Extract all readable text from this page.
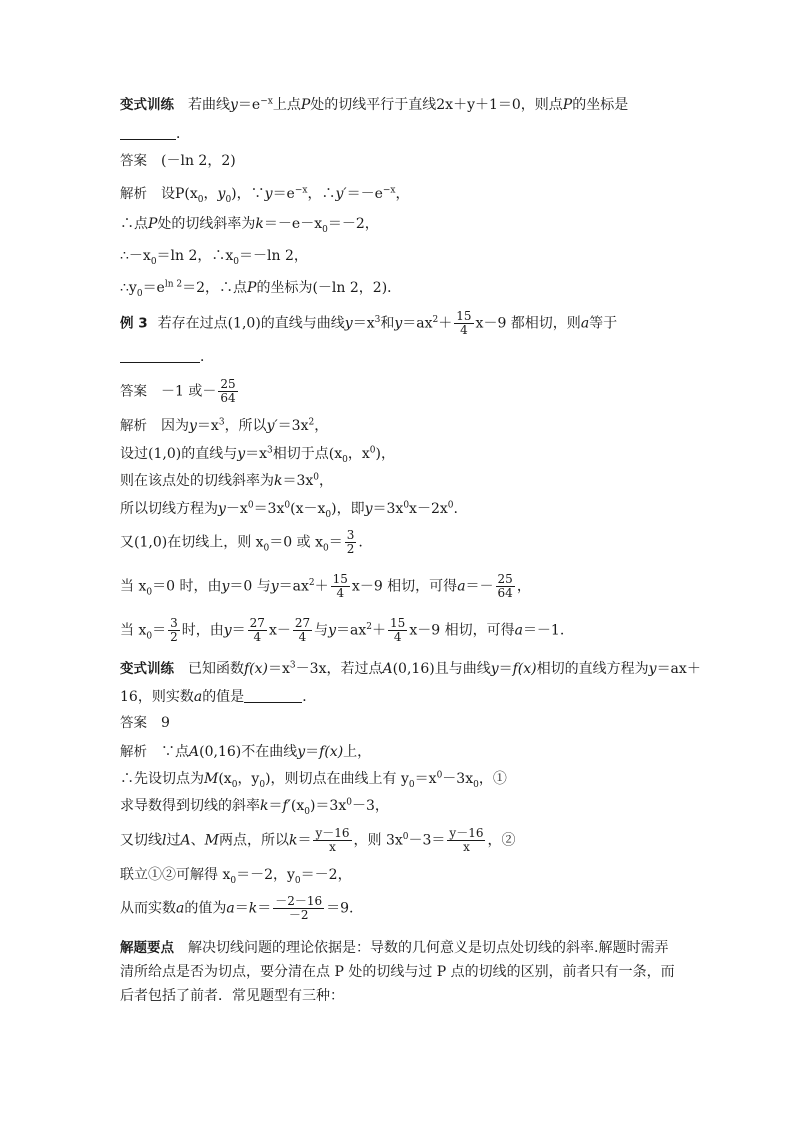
变式训练 若曲线$y=e^{-x}$上点P处的切线平行于直线2x＋y＋1＝0，则点P的坐标是
．
答案 (－ln 2，2)
解析 设$P(x_0$，$y_0$)，$\because y=e^{-x}$，$\therefore y'=-e^{-x}$，
∴点P处的切线斜率为$k=-e-x_0=-2$，
$\therefore-x_0=\ln$ 2，$\therefore x_0=-\ln$ 2，
$\therefore y_0=e^{ln 2}=2$，∴点P的坐标为(－ln 2，2)．
例 3 若存在过点(1,0)的直线与曲线$y=x^3$和$y=ax^2+ \frac{15}{4} x-9$ 都相切，则a等于
．
答案 －1 或－ $\frac{25}{64}$
解析 因为$y=x^3$，所以$y'=3x^2$，
设过(1,0)的直线与$y=x^3$相切于点($x_0$，$x^0$)，
则在该点处的切线斜率为$k=3x^0$，
所以切线方程为$y-x^0=3x^0(x-x_0)$，即$y=3x^0x-2x^0$.
又(1,0)在切线上，则 $x_0=0$ 或 $x_0= \frac{3}{2}$ .
当 $x_0=0$ 时，由y＝0 与$y=ax^2+ \frac{15}{4} x-9$ 相切，可得$a=- \frac{25}{64}$ ，
当 $x_0= \frac{3}{2}$ 时，由$y= \frac{27}{4} x- \frac{27}{4}$ 与$y=ax^2+ \frac{15}{4} x-9$ 相切，可得a＝－1.
变式训练 已知函数$f(x)=x^3-3x$，若过点A(0,16)且与曲线y＝f(x)相切的直线方程为y＝ax＋
16，则实数a的值是	．
答案 9
解析 ∵点A(0,16)不在曲线y＝f(x)上，
∴先设切点为$M(x_0$，$y_0$)，则切点在曲线上有 $y_0=x^0-3x_0$，①
求导数得到切线的斜率$k=f'(x_0)=3x^0-3$，
又切线l过A、M两点，所以$k= \frac{y-16}{x}$ ，则 $3x^0-3= \frac{y-16}{x}$ ，②
联立①②可解得 $x_0=-2$，$y_0=-2$，
从而实数a的值为$a=k= \frac{-2-16}{-2} =9$.
解题要点 解决切线问题的理论依据是：导数的几何意义是切点处切线的斜率.解题时需弄清所给点是否为切点，要分清在点 P 处的切线与过 P 点的切线的区别，前者只有一条，而后者包括了前者．常见题型有三种：
